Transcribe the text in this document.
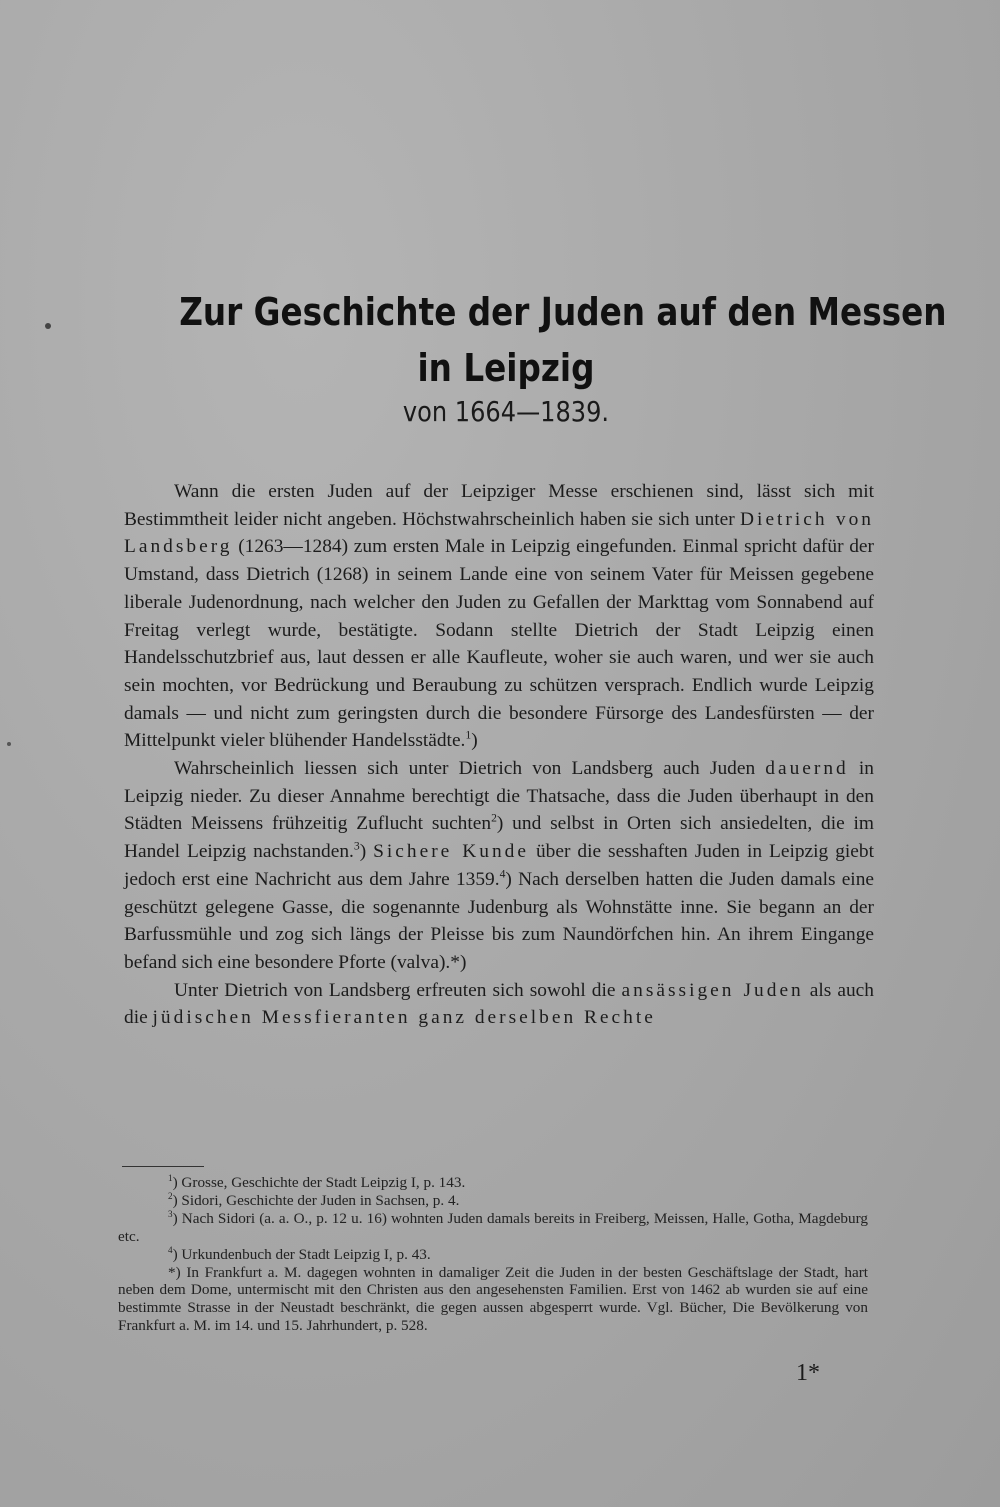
Zur Geschichte der Juden auf den Messen
in Leipzig
von 1664—1839.

Wann die ersten Juden auf der Leipziger Messe erschienen sind, lässt sich mit Bestimmtheit leider nicht angeben. Höchstwahrscheinlich haben sie sich unter Dietrich von Landsberg (1263—1284) zum ersten Male in Leipzig eingefunden. Einmal spricht dafür der Umstand, dass Dietrich (1268) in seinem Lande eine von seinem Vater für Meissen gegebene liberale Judenordnung, nach welcher den Juden zu Gefallen der Markttag vom Sonnabend auf Freitag verlegt wurde, bestätigte. Sodann stellte Dietrich der Stadt Leipzig einen Handelsschutzbrief aus, laut dessen er alle Kaufleute, woher sie auch waren, und wer sie auch sein mochten, vor Bedrückung und Beraubung zu schützen versprach. Endlich wurde Leipzig damals — und nicht zum geringsten durch die besondere Fürsorge des Landesfürsten — der Mittelpunkt vieler blühender Handelsstädte.$^1$)

Wahrscheinlich liessen sich unter Dietrich von Landsberg auch Juden dauernd in Leipzig nieder. Zu dieser Annahme berechtigt die Thatsache, dass die Juden überhaupt in den Städten Meissens frühzeitig Zuflucht suchten$^2$) und selbst in Orten sich ansiedelten, die im Handel Leipzig nachstanden.$^3$) Sichere Kunde über die sesshaften Juden in Leipzig giebt jedoch erst eine Nachricht aus dem Jahre 1359.$^4$) Nach derselben hatten die Juden damals eine geschützt gelegene Gasse, die sogenannte Judenburg als Wohnstätte inne. Sie begann an der Barfussmühle und zog sich längs der Pleisse bis zum Naundörfchen hin. An ihrem Eingange befand sich eine besondere Pforte (valva).*)

Unter Dietrich von Landsberg erfreuten sich sowohl die ansässigen Juden als auch die jüdischen Messfieranten ganz derselben Rechte

$^1$) Grosse, Geschichte der Stadt Leipzig I, p. 143.

$^2$) Sidori, Geschichte der Juden in Sachsen, p. 4.

$^3$) Nach Sidori (a. a. O., p. 12 u. 16) wohnten Juden damals bereits in Freiberg, Meissen, Halle, Gotha, Magdeburg etc.

$^4$) Urkundenbuch der Stadt Leipzig I, p. 43.

*) In Frankfurt a. M. dagegen wohnten in damaliger Zeit die Juden in der besten Geschäftslage der Stadt, hart neben dem Dome, untermischt mit den Christen aus den angesehensten Familien. Erst von 1462 ab wurden sie auf eine bestimmte Strasse in der Neustadt beschränkt, die gegen aussen abgesperrt wurde. Vgl. Bücher, Die Bevölkerung von Frankfurt a. M. im 14. und 15. Jahrhundert, p. 528.

1*
